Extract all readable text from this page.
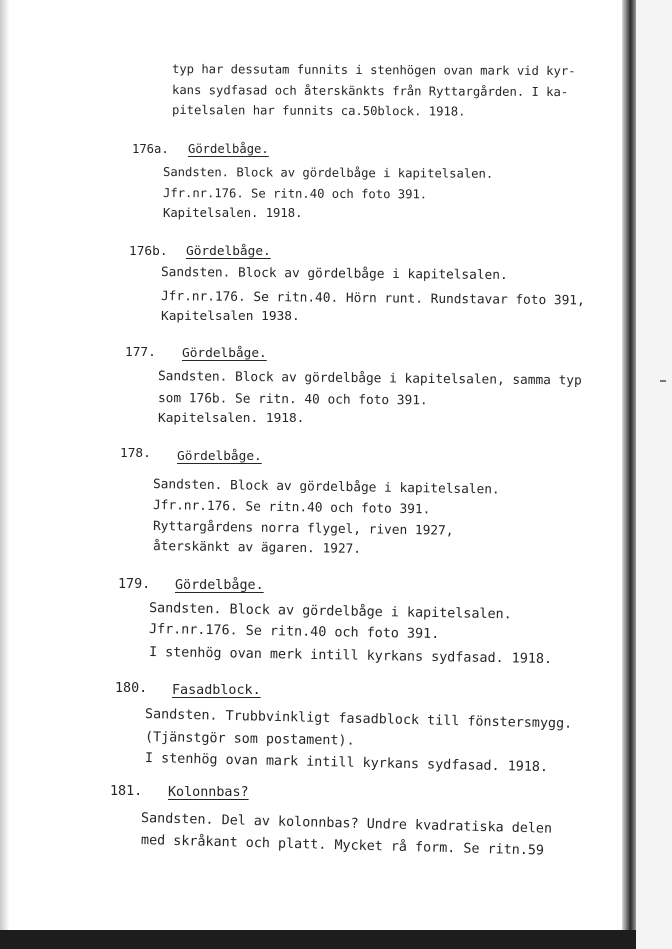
typ har dessutam funnits i stenhögen ovan mark vid kyr-
kans sydfasad och återskänkts från Ryttargården. I ka-
pitelsalen har funnits ca.50block. 1918.
176a. Gördelbåge.
Sandsten. Block av gördelbåge i kapitelsalen.
Jfr.nr.176. Se ritn.40 och foto 391.
Kapitelsalen. 1918.
176b. Gördelbåge.
Sandsten. Block av gördelbåge i kapitelsalen.
Jfr.nr.176. Se ritn.40. Hörn runt. Rundstavar foto 391,
Kapitelsalen 1938.
177. Gördelbåge.
Sandsten. Block av gördelbåge i kapitelsalen, samma typ
som 176b. Se ritn. 40 och foto 391.
Kapitelsalen. 1918.
178. Gördelbåge.
Sandsten. Block av gördelbåge i kapitelsalen.
Jfr.nr.176. Se ritn.40 och foto 391.
Ryttargårdens norra flygel, riven 1927,
återskänkt av ägaren. 1927.
179. Gördelbåge.
Sandsten. Block av gördelbåge i kapitelsalen.
Jfr.nr.176. Se ritn.40 och foto 391.
I stenhög ovan merk intill kyrkans sydfasad. 1918.
180. Fasadblock.
Sandsten. Trubbvinkligt fasadblock till fönstersmygg.
(Tjänstgör som postament).
I stenhög ovan mark intill kyrkans sydfasad. 1918.
181. Kolonnbas?
Sandsten. Del av kolonnbas? Undre kvadratiska delen
med skråkant och platt. Mycket rå form. Se ritn.59
